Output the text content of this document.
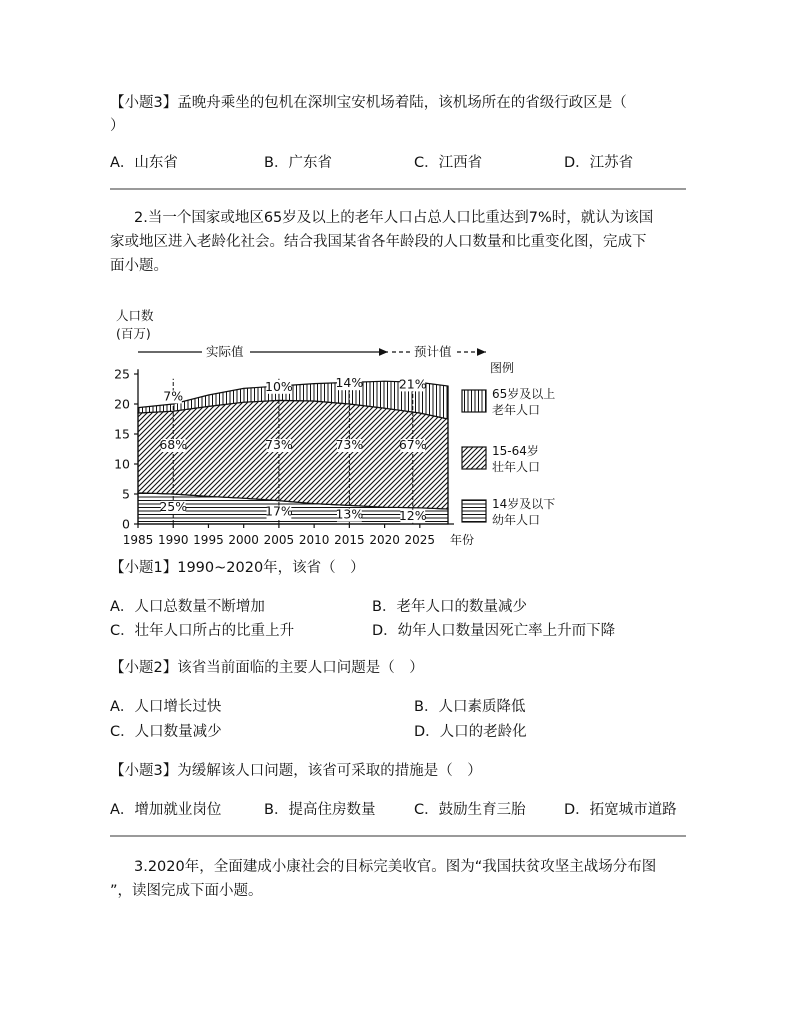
【小题3】孟晚舟乘坐的包机在深圳宝安机场着陆，该机场所在的省级行政区是（
）
A．山东省	B．广东省	C．江西省	D．江苏省
2.当一个国家或地区65岁及以上的老年人口占总人口比重达到7%时，就认为该国
家或地区进入老龄化社会。结合我国某省各年龄段的人口数量和比重变化图，完成下
面小题。
人口数
(百万)
实际值	预计值
0
5
10
15
20
25
1985 1990 1995 2000 2005 2010 2015 2020 2025 年份
7%
68%
25%
10%
73%
17%
14%
73%
13%
21%
67%
12%
图例
65岁及以上
老年人口
15-64岁
壮年人口
14岁及以下
幼年人口
【小题1】1990~2020年，该省（　）
A．人口总数量不断增加	B．老年人口的数量减少
C．壮年人口所占的比重上升	D．幼年人口数量因死亡率上升而下降
【小题2】该省当前面临的主要人口问题是（　）
A．人口增长过快	B．人口素质降低
C．人口数量减少	D．人口的老龄化
【小题3】为缓解该人口问题，该省可采取的措施是（　）
A．增加就业岗位	B．提高住房数量	C．鼓励生育三胎	D．拓宽城市道路
3.2020年，全面建成小康社会的目标完美收官。图为“我国扶贫攻坚主战场分布图
”，读图完成下面小题。
